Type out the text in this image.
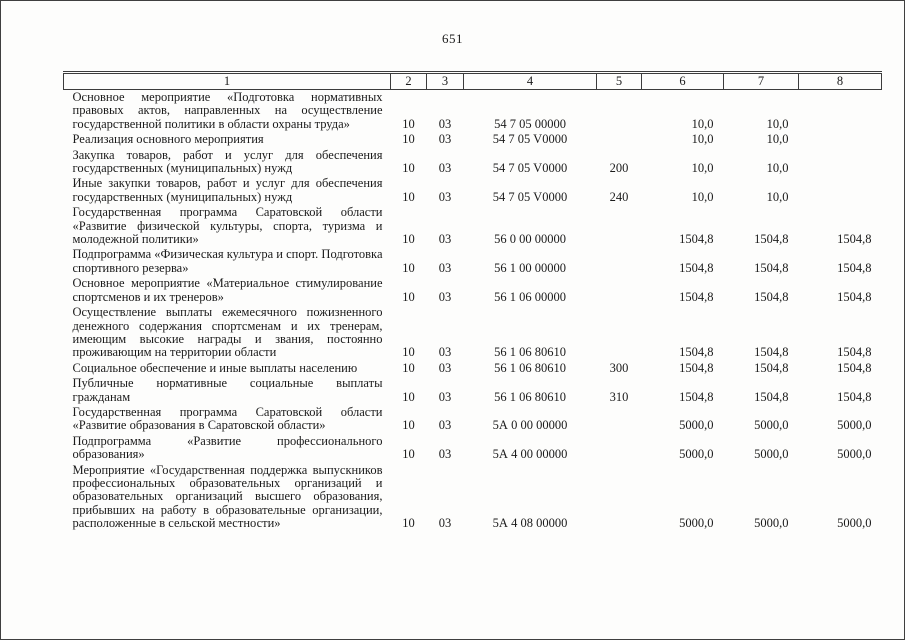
651
1	2	3	4	5	6	7	8
Основное мероприятие «Подготовка нормативных правовых актов, направленных на осуществление государственной политики в области охраны труда»	10	03	54 7 05 00000		10,0	10,0	
Реализация основного мероприятия	10	03	54 7 05 V0000		10,0	10,0	
Закупка товаров, работ и услуг для обеспечения государственных (муниципальных) нужд	10	03	54 7 05 V0000	200	10,0	10,0	
Иные закупки товаров, работ и услуг для обеспечения государственных (муниципальных) нужд	10	03	54 7 05 V0000	240	10,0	10,0	
Государственная программа Саратовской области «Развитие физической культуры, спорта, туризма и молодежной политики»	10	03	56 0 00 00000		1504,8	1504,8	1504,8
Подпрограмма «Физическая культура и спорт. Подготовка спортивного резерва»	10	03	56 1 00 00000		1504,8	1504,8	1504,8
Основное мероприятие «Материальное стимулирование спортсменов и их тренеров»	10	03	56 1 06 00000		1504,8	1504,8	1504,8
Осуществление выплаты ежемесячного пожизненного денежного содержания спортсменам и их тренерам, имеющим высокие награды и звания, постоянно проживающим на территории области	10	03	56 1 06 80610		1504,8	1504,8	1504,8
Социальное обеспечение и иные выплаты населению	10	03	56 1 06 80610	300	1504,8	1504,8	1504,8
Публичные нормативные социальные выплаты гражданам	10	03	56 1 06 80610	310	1504,8	1504,8	1504,8
Государственная программа Саратовской области «Развитие образования в Саратовской области»	10	03	5А 0 00 00000		5000,0	5000,0	5000,0
Подпрограмма «Развитие профессионального образования»	10	03	5А 4 00 00000		5000,0	5000,0	5000,0
Мероприятие «Государственная поддержка выпускников профессиональных образовательных организаций и образовательных организаций высшего образования, прибывших на работу в образовательные организации, расположенные в сельской местности»	10	03	5А 4 08 00000		5000,0	5000,0	5000,0
